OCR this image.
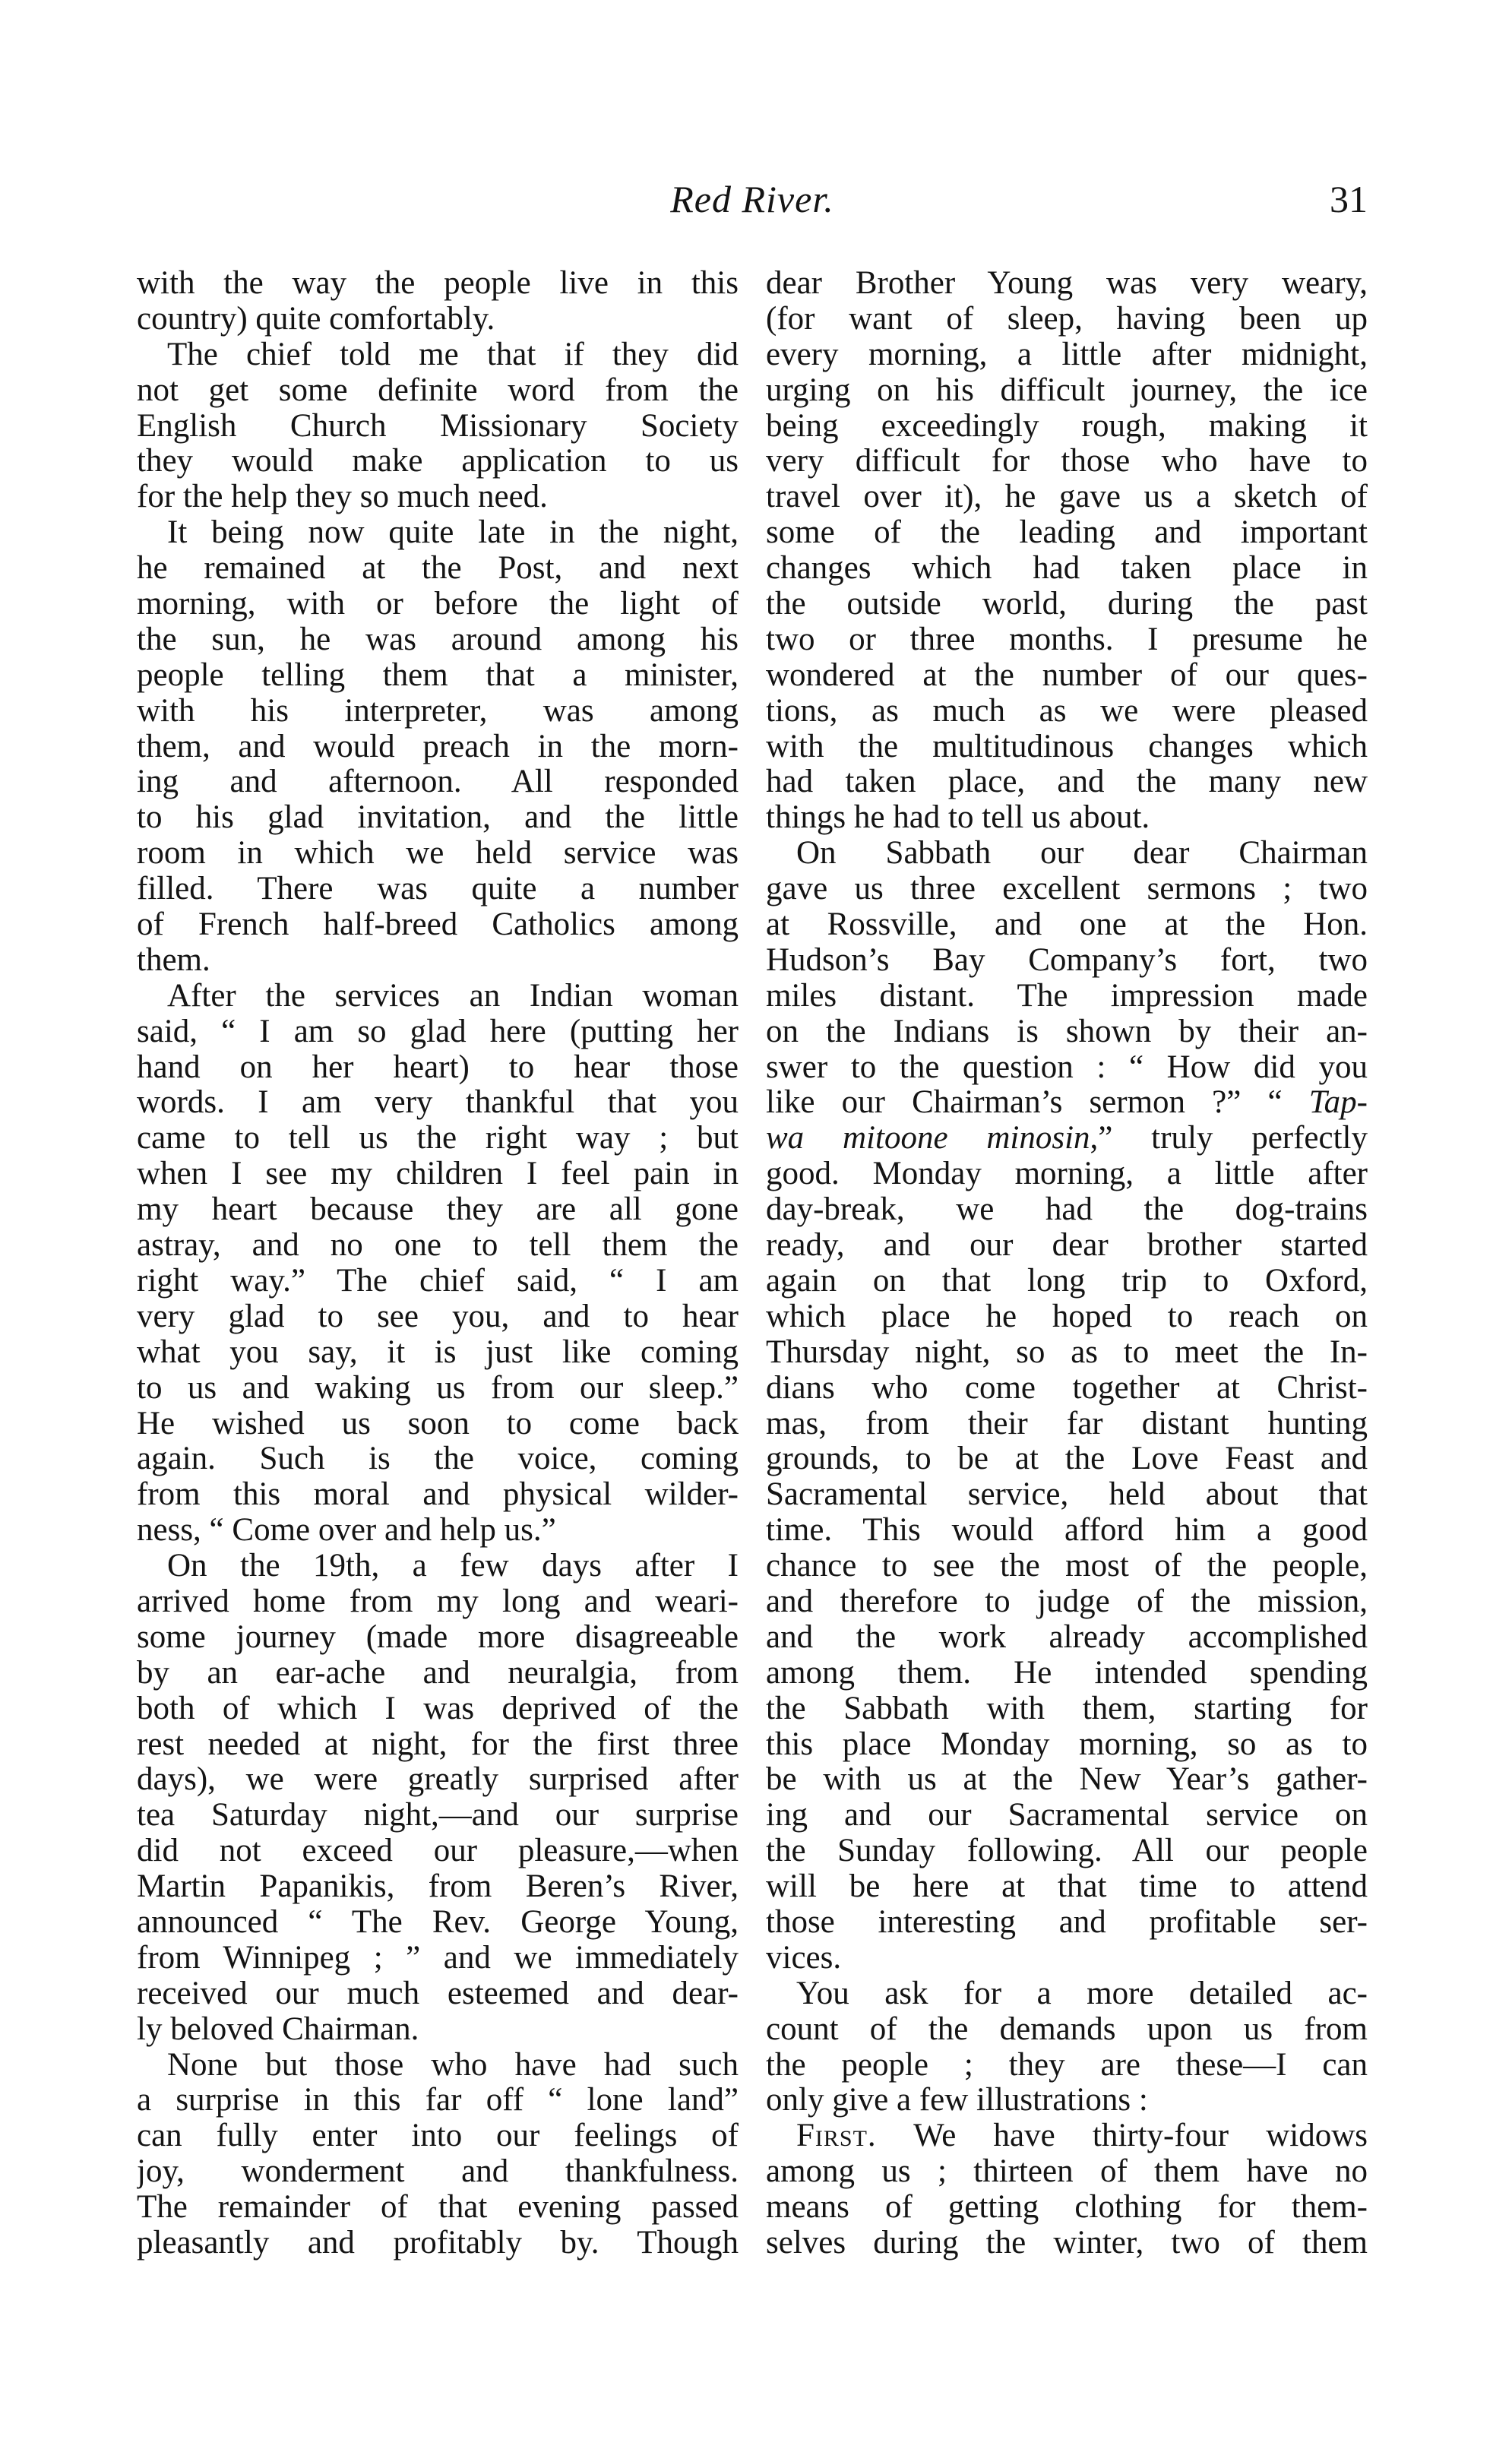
Red River.	31
with the way the people live in this
country) quite comfortably.
The chief told me that if they did
not get some definite word from the
English Church Missionary Society
they would make application to us
for the help they so much need.
It being now quite late in the night,
he remained at the Post, and next
morning, with or before the light of
the sun, he was around among his
people telling them that a minister,
with his interpreter, was among
them, and would preach in the morn-
ing and afternoon. All responded
to his glad invitation, and the little
room in which we held service was
filled. There was quite a number
of French half-breed Catholics among
them.
After the services an Indian woman
said, “ I am so glad here (putting her
hand on her heart) to hear those
words. I am very thankful that you
came to tell us the right way ; but
when I see my children I feel pain in
my heart because they are all gone
astray, and no one to tell them the
right way.” The chief said, “ I am
very glad to see you, and to hear
what you say, it is just like coming
to us and waking us from our sleep.”
He wished us soon to come back
again. Such is the voice, coming
from this moral and physical wilder-
ness, “ Come over and help us.”
On the 19th, a few days after I
arrived home from my long and weari-
some journey (made more disagreeable
by an ear-ache and neuralgia, from
both of which I was deprived of the
rest needed at night, for the first three
days), we were greatly surprised after
tea Saturday night,—and our surprise
did not exceed our pleasure,—when
Martin Papanikis, from Beren’s River,
announced “ The Rev. George Young,
from Winnipeg ; ” and we immediately
received our much esteemed and dear-
ly beloved Chairman.
None but those who have had such
a surprise in this far off “ lone land”
can fully enter into our feelings of
joy, wonderment and thankfulness.
The remainder of that evening passed
pleasantly and profitably by. Though
dear Brother Young was very weary,
(for want of sleep, having been up
every morning, a little after midnight,
urging on his difficult journey, the ice
being exceedingly rough, making it
very difficult for those who have to
travel over it), he gave us a sketch of
some of the leading and important
changes which had taken place in
the outside world, during the past
two or three months. I presume he
wondered at the number of our ques-
tions, as much as we were pleased
with the multitudinous changes which
had taken place, and the many new
things he had to tell us about.
On Sabbath our dear Chairman
gave us three excellent sermons ; two
at Rossville, and one at the Hon.
Hudson’s Bay Company’s fort, two
miles distant. The impression made
on the Indians is shown by their an-
swer to the question : “ How did you
like our Chairman’s sermon ?” “ Tap-
wa mitoone minosin,” truly perfectly
good. Monday morning, a little after
day-break, we had the dog-trains
ready, and our dear brother started
again on that long trip to Oxford,
which place he hoped to reach on
Thursday night, so as to meet the In-
dians who come together at Christ-
mas, from their far distant hunting
grounds, to be at the Love Feast and
Sacramental service, held about that
time. This would afford him a good
chance to see the most of the people,
and therefore to judge of the mission,
and the work already accomplished
among them. He intended spending
the Sabbath with them, starting for
this place Monday morning, so as to
be with us at the New Year’s gather-
ing and our Sacramental service on
the Sunday following. All our people
will be here at that time to attend
those interesting and profitable ser-
vices.
You ask for a more detailed ac-
count of the demands upon us from
the people ; they are these—I can
only give a few illustrations :
First. We have thirty-four widows
among us ; thirteen of them have no
means of getting clothing for them-
selves during the winter, two of them
